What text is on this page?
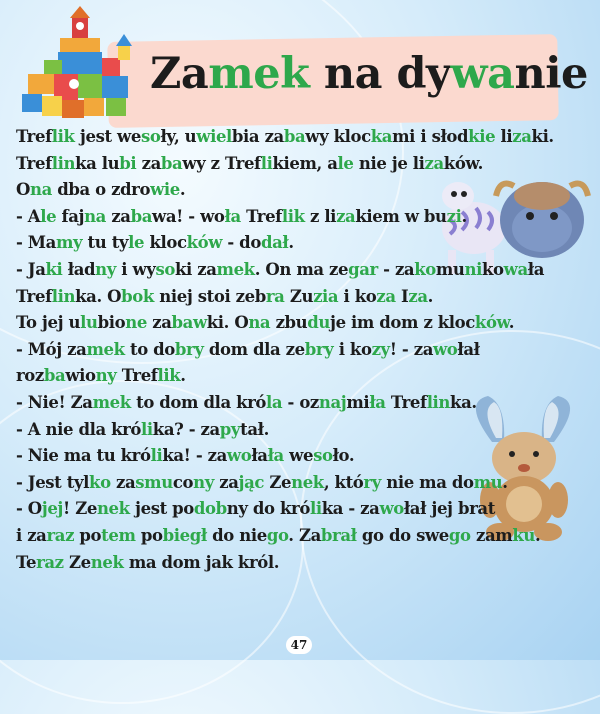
Zamek na dywanie
Treflik jest wesoły, uwielbia zabawy klockami i słodkie lizaki.
Treflinka lubi zabawy z Treflikiem, ale nie je lizaków.
Ona dba o zdrowie.
- Ale fajna zabawa! - woła Treflik z lizakiem w buzi.
- Mamy tu tyle klocków - dodał.
- Jaki ładny i wysoki zamek. On ma zegar - zakomunikowała
Treflinka. Obok niej stoi zebra Zuzia i koza Iza.
To jej ulubione zabawki. Ona zbuduje im dom z klocków.
- Mój zamek to dobry dom dla zebry i kozy! - zawołał
rozbawiony Treflik.
- Nie! Zamek to dom dla króla - oznajmiła Treflinka.
- A nie dla królika? - zapytał.
- Nie ma tu królika! - zawołała wesoło.
- Jest tylko zasmucony zając Zenek, który nie ma domu.
- Ojej! Zenek jest podobny do królika - zawołał jej brat
i zaraz potem pobiegł do niego. Zabrał go do swego zamku.
Teraz Zenek ma dom jak król.
47
